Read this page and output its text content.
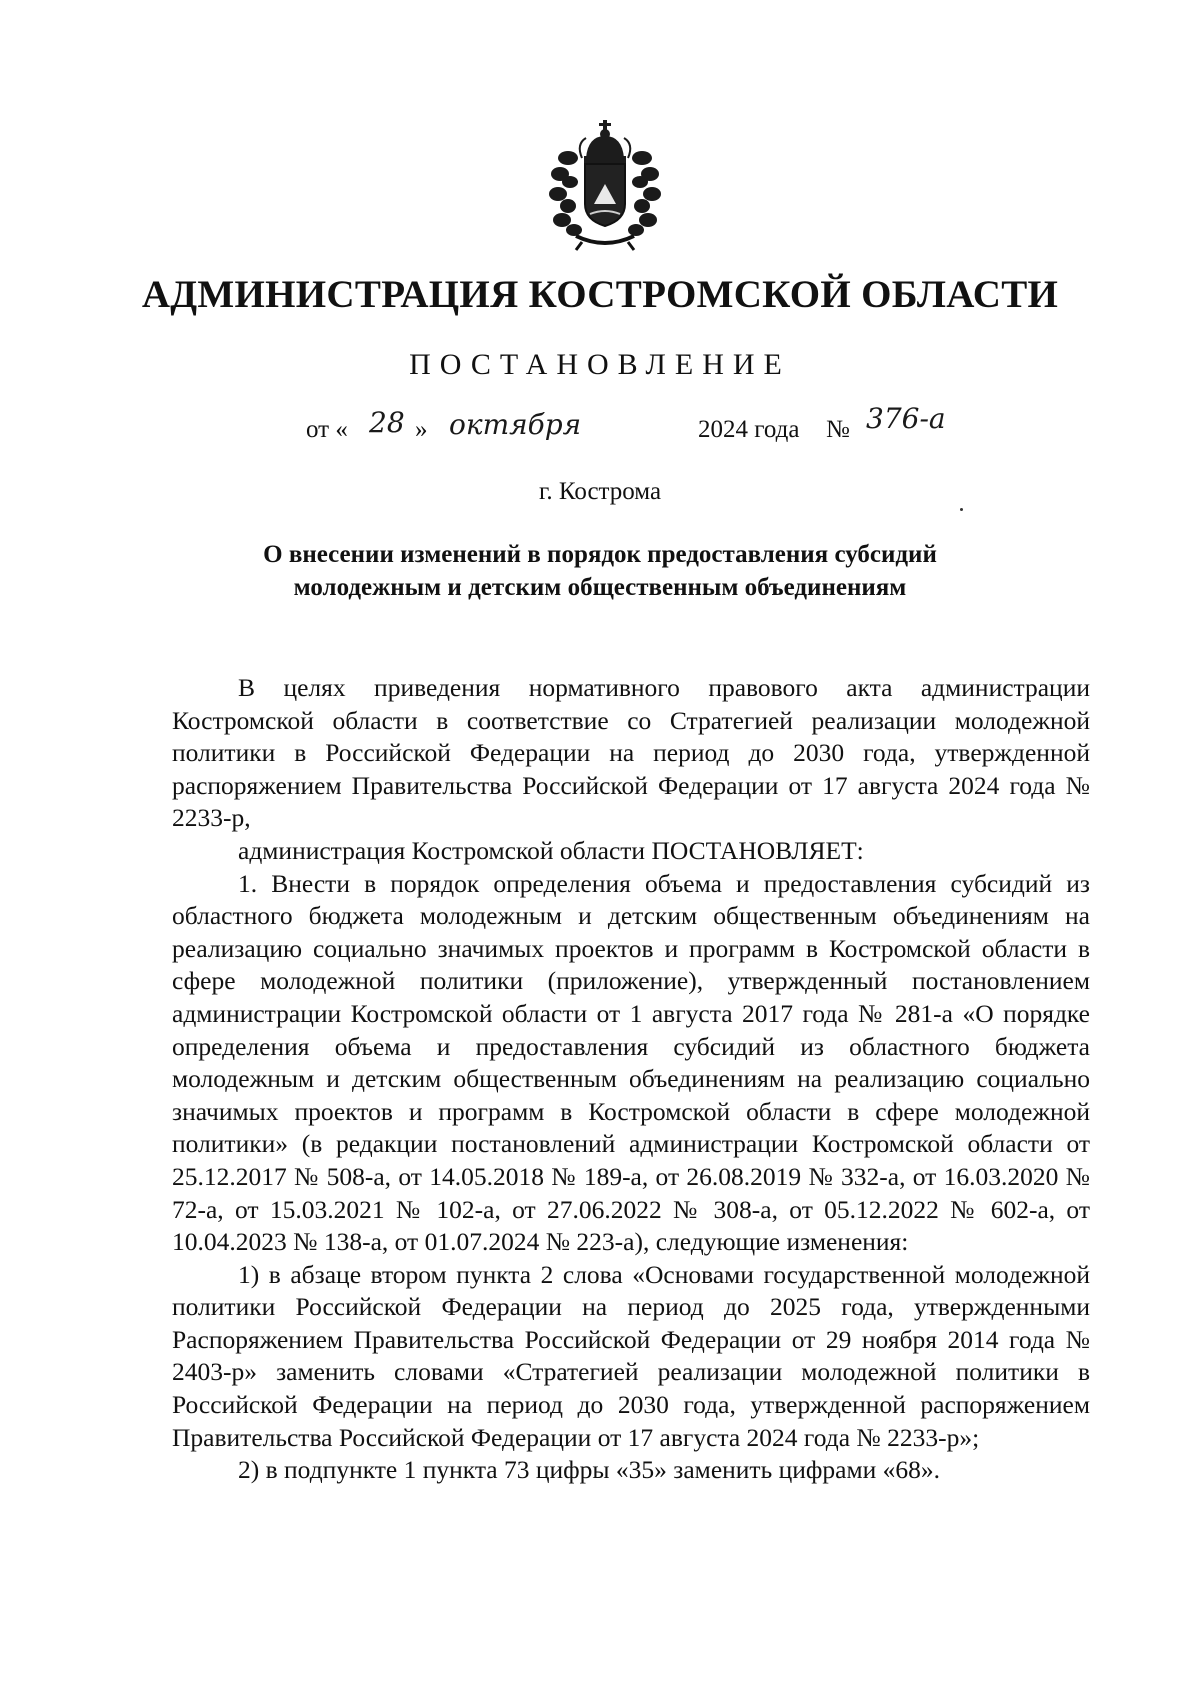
АДМИНИСТРАЦИЯ КОСТРОМСКОЙ ОБЛАСТИ
ПОСТАНОВЛЕНИЕ
от « 28 » октября	2024 года № 376-а
г. Кострома
О внесении изменений в порядок предоставления субсидий
молодежным и детским общественным объединениям

В целях приведения нормативного правового акта администрации Костромской области в соответствие со Стратегией реализации молодежной политики в Российской Федерации на период до 2030 года, утвержденной распоряжением Правительства Российской Федерации от 17 августа 2024 года № 2233-р,

администрация Костромской области ПОСТАНОВЛЯЕТ:

1. Внести в порядок определения объема и предоставления субсидий из областного бюджета молодежным и детским общественным объединениям на реализацию социально значимых проектов и программ в Костромской области в сфере молодежной политики (приложение), утвержденный постановлением администрации Костромской области от 1 августа 2017 года № 281-а «О порядке определения объема и предоставления субсидий из областного бюджета молодежным и детским общественным объединениям на реализацию социально значимых проектов и программ в Костромской области в сфере молодежной политики» (в редакции постановлений администрации Костромской области от 25.12.2017 № 508-а, от 14.05.2018 № 189-а, от 26.08.2019 № 332-а, от 16.03.2020 № 72-а, от 15.03.2021 № 102-а, от 27.06.2022 № 308-а, от 05.12.2022 № 602-а, от 10.04.2023 № 138-а, от 01.07.2024 № 223-а), следующие изменения:

1) в абзаце втором пункта 2 слова «Основами государственной молодежной политики Российской Федерации на период до 2025 года, утвержденными Распоряжением Правительства Российской Федерации от 29 ноября 2014 года № 2403-р» заменить словами «Стратегией реализации молодежной политики в Российской Федерации на период до 2030 года, утвержденной распоряжением Правительства Российской Федерации от 17 августа 2024 года № 2233-р»;

2) в подпункте 1 пункта 73 цифры «35» заменить цифрами «68».
